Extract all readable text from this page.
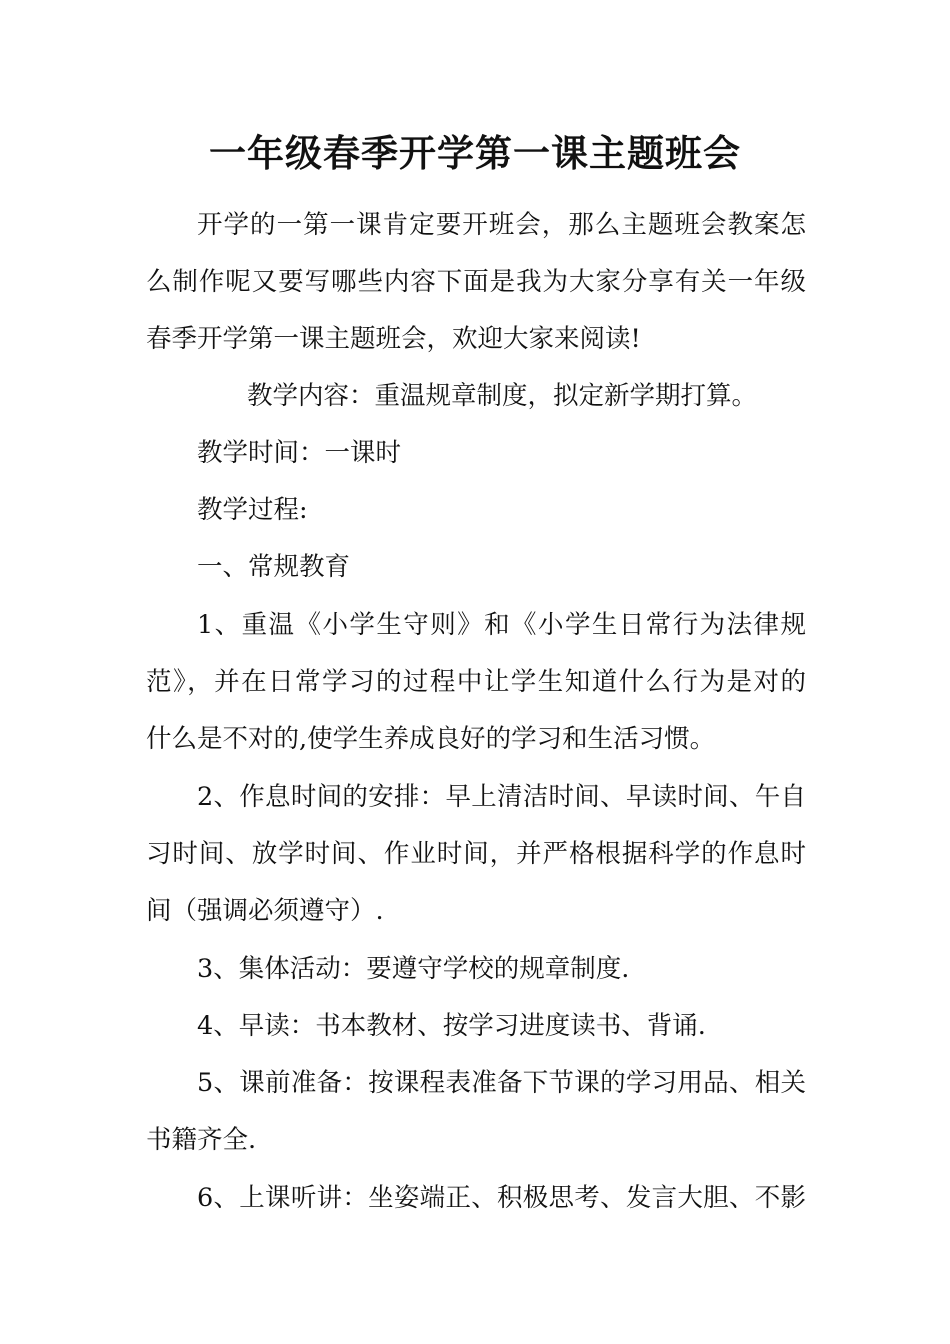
一年级春季开学第一课主题班会
开学的一第一课肯定要开班会，那么主题班会教案怎
么制作呢又要写哪些内容下面是我为大家分享有关一年级
春季开学第一课主题班会，欢迎大家来阅读!
教学内容：重温规章制度，拟定新学期打算。
教学时间：一课时
教学过程:
一、常规教育
1、重温《小学生守则》和《小学生日常行为法律规
范》，并在日常学习的过程中让学生知道什么行为是对的
什么是不对的,使学生养成良好的学习和生活习惯。
2、作息时间的安排：早上清洁时间、早读时间、午自
习时间、放学时间、作业时间，并严格根据科学的作息时
间（强调必须遵守）.
3、集体活动：要遵守学校的规章制度.
4、早读：书本教材、按学习进度读书、背诵.
5、课前准备：按课程表准备下节课的学习用品、相关
书籍齐全.
6、上课听讲：坐姿端正、积极思考、发言大胆、不影
